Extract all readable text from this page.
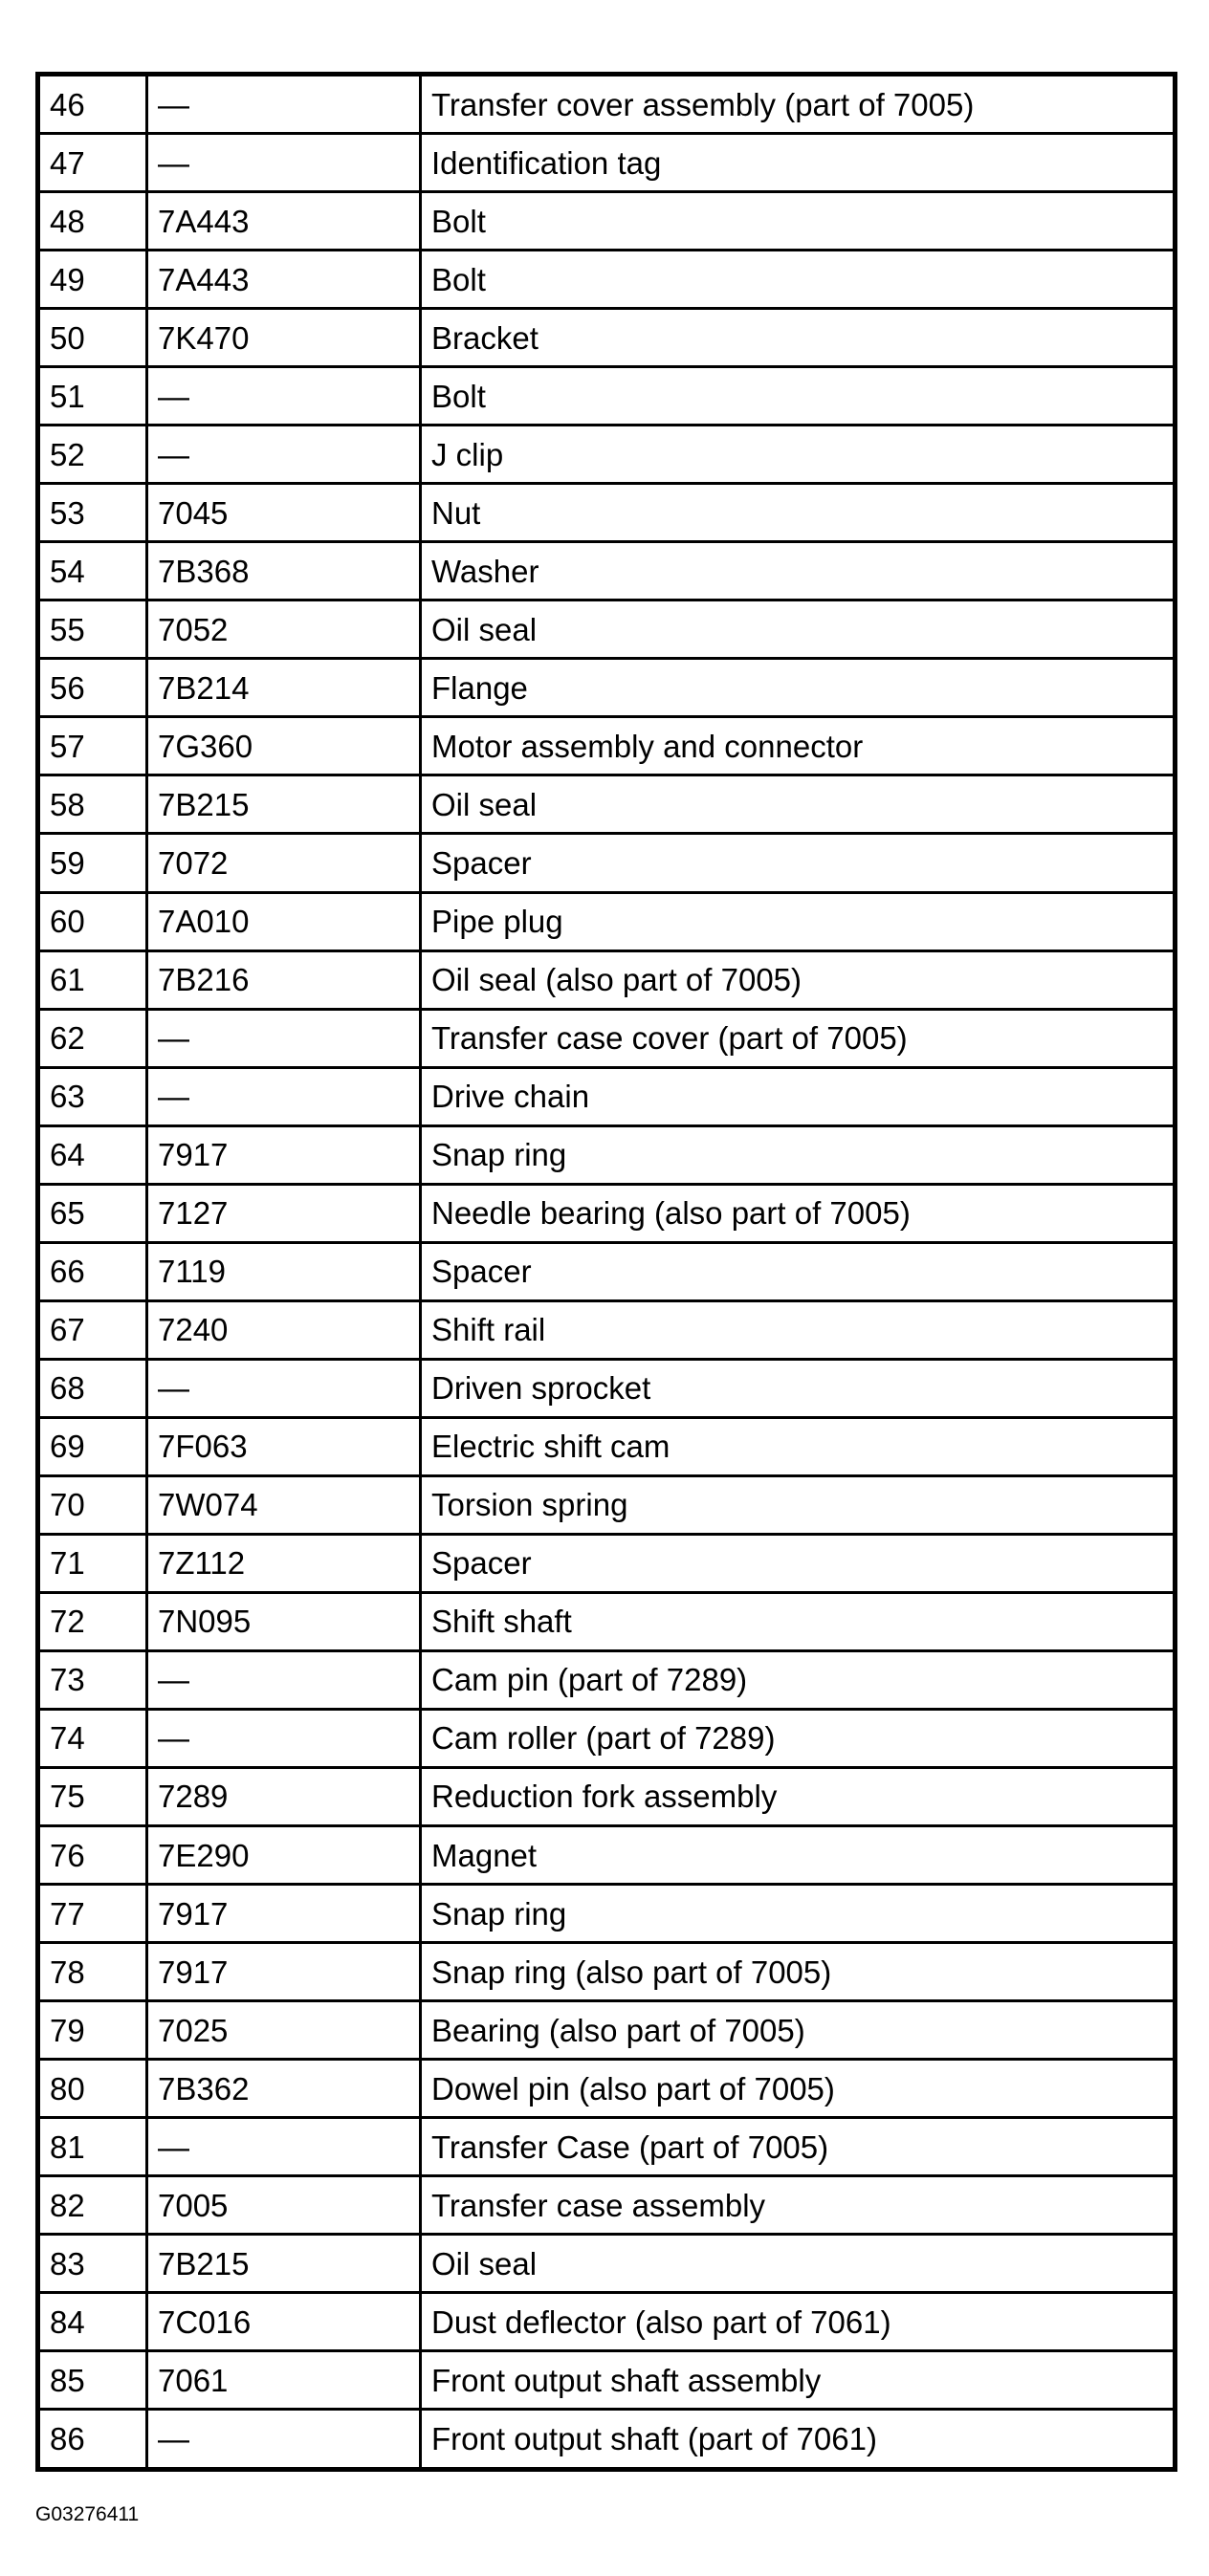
46	—	Transfer cover assembly (part of 7005)
47	—	Identification tag
48	7A443	Bolt
49	7A443	Bolt
50	7K470	Bracket
51	—	Bolt
52	—	J clip
53	7045	Nut
54	7B368	Washer
55	7052	Oil seal
56	7B214	Flange
57	7G360	Motor assembly and connector
58	7B215	Oil seal
59	7072	Spacer
60	7A010	Pipe plug
61	7B216	Oil seal (also part of 7005)
62	—	Transfer case cover (part of 7005)
63	—	Drive chain
64	7917	Snap ring
65	7127	Needle bearing (also part of 7005)
66	7119	Spacer
67	7240	Shift rail
68	—	Driven sprocket
69	7F063	Electric shift cam
70	7W074	Torsion spring
71	7Z112	Spacer
72	7N095	Shift shaft
73	—	Cam pin (part of 7289)
74	—	Cam roller (part of 7289)
75	7289	Reduction fork assembly
76	7E290	Magnet
77	7917	Snap ring
78	7917	Snap ring (also part of 7005)
79	7025	Bearing (also part of 7005)
80	7B362	Dowel pin (also part of 7005)
81	—	Transfer Case (part of 7005)
82	7005	Transfer case assembly
83	7B215	Oil seal
84	7C016	Dust deflector (also part of 7061)
85	7061	Front output shaft assembly
86	—	Front output shaft (part of 7061)
G03276411
